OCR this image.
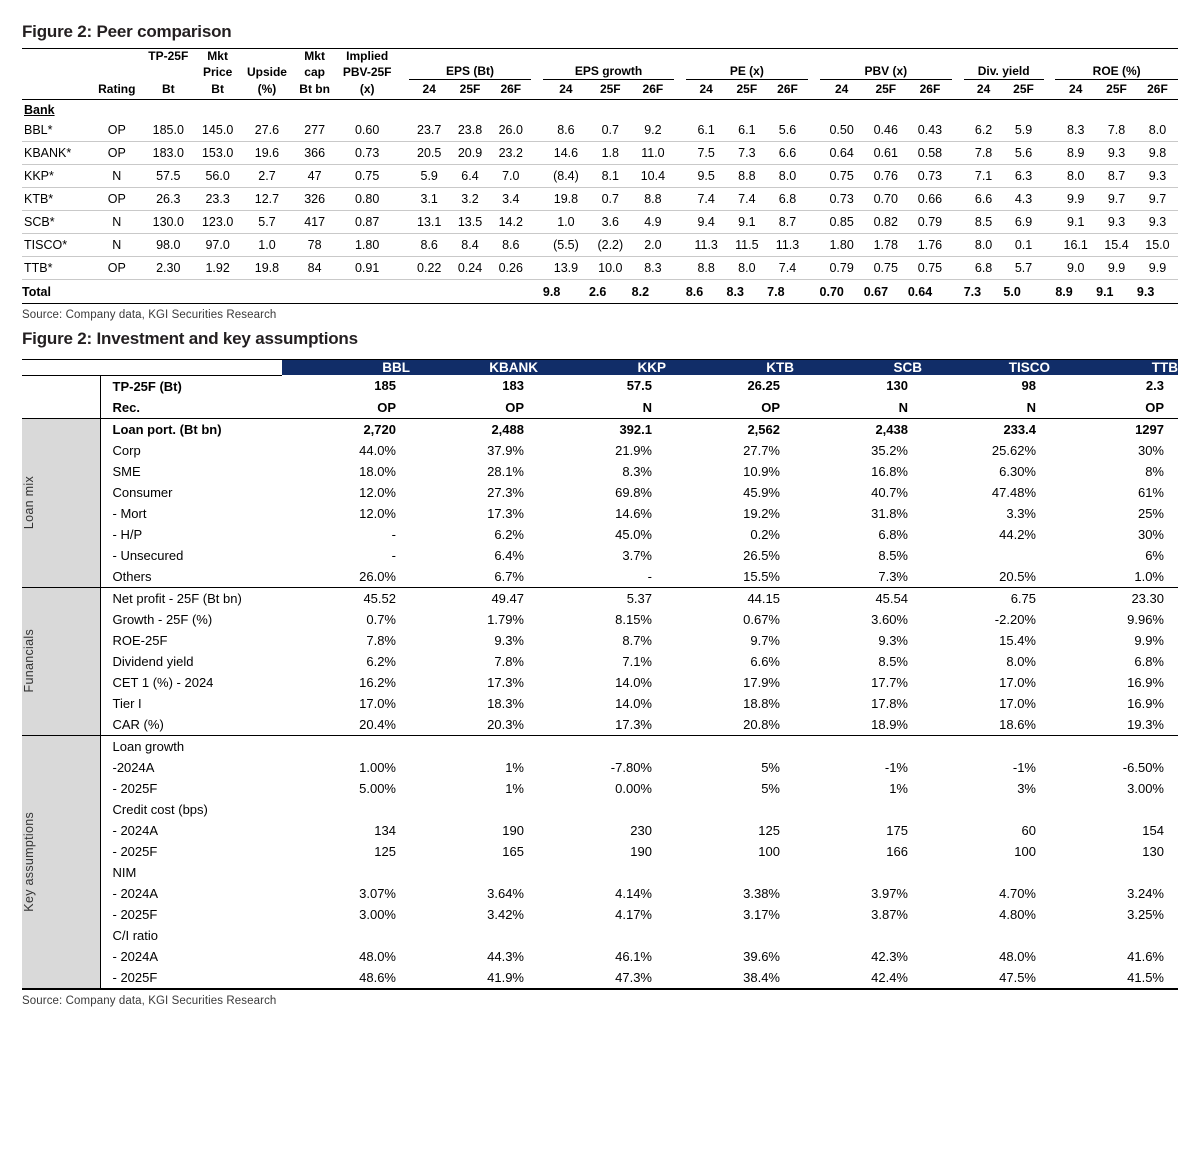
Figure 2: Peer comparison
		TP-25F	Mkt		Mkt	Implied																							
			Price	Upside	cap	PBV-25F		EPS (Bt)				EPS growth				PE (x)				PBV (x)				Div. yield			ROE (%)		
	Rating	Bt	Bt	(%)	Bt bn	(x)		24	25F	26F		24	25F	26F		24	25F	26F		24	25F	26F		24	25F		24	25F	26F
Bank																													
BBL*	OP	185.0	145.0	27.6	277	0.60		23.7	23.8	26.0		8.6	0.7	9.2		6.1	6.1	5.6		0.50	0.46	0.43		6.2	5.9		8.3	7.8	8.0
KBANK*	OP	183.0	153.0	19.6	366	0.73		20.5	20.9	23.2		14.6	1.8	11.0		7.5	7.3	6.6		0.64	0.61	0.58		7.8	5.6		8.9	9.3	9.8
KKP*	N	57.5	56.0	2.7	47	0.75		5.9	6.4	7.0		(8.4)	8.1	10.4		9.5	8.8	8.0		0.75	0.76	0.73		7.1	6.3		8.0	8.7	9.3
KTB*	OP	26.3	23.3	12.7	326	0.80		3.1	3.2	3.4		19.8	0.7	8.8		7.4	7.4	6.8		0.73	0.70	0.66		6.6	4.3		9.9	9.7	9.7
SCB*	N	130.0	123.0	5.7	417	0.87		13.1	13.5	14.2		1.0	3.6	4.9		9.4	9.1	8.7		0.85	0.82	0.79		8.5	6.9		9.1	9.3	9.3
TISCO*	N	98.0	97.0	1.0	78	1.80		8.6	8.4	8.6		(5.5)	(2.2)	2.0		11.3	11.5	11.3		1.80	1.78	1.76		8.0	0.1		16.1	15.4	15.0
TTB*	OP	2.30	1.92	19.8	84	0.91		0.22	0.24	0.26		13.9	10.0	8.3		8.8	8.0	7.4		0.79	0.75	0.75		6.8	5.7		9.0	9.9	9.9
Total												9.8	2.6	8.2		8.6	8.3	7.8		0.70	0.67	0.64		7.3	5.0		8.9	9.1	9.3
Source: Company data, KGI Securities Research
Figure 2: Investment and key assumptions
		BBL	KBANK	KKP	KTB	SCB	TISCO	TTB
	TP-25F (Bt)	185	183	57.5	26.25	130	98	2.3
	Rec.	OP	OP	N	OP	N	N	OP

Loan mix	Loan port. (Bt bn)	2,720	2,488	392.1	2,562	2,438	233.4	1297
	Corp	44.0%	37.9%	21.9%	27.7%	35.2%	25.62%	30%
	SME	18.0%	28.1%	8.3%	10.9%	16.8%	6.30%	8%
	Consumer	12.0%	27.3%	69.8%	45.9%	40.7%	47.48%	61%
	- Mort	12.0%	17.3%	14.6%	19.2%	31.8%	3.3%	25%
	- H/P	-	6.2%	45.0%	0.2%	6.8%	44.2%	30%
	- Unsecured	-	6.4%	3.7%	26.5%	8.5%		6%
	Others	26.0%	6.7%	-	15.5%	7.3%	20.5%	1.0%

Funancials	Net profit - 25F (Bt bn)	45.52	49.47	5.37	44.15	45.54	6.75	23.30
	Growth - 25F (%)	0.7%	1.79%	8.15%	0.67%	3.60%	-2.20%	9.96%
	ROE-25F	7.8%	9.3%	8.7%	9.7%	9.3%	15.4%	9.9%
	Dividend yield	6.2%	7.8%	7.1%	6.6%	8.5%	8.0%	6.8%
	CET 1 (%) - 2024	16.2%	17.3%	14.0%	17.9%	17.7%	17.0%	16.9%
	Tier I	17.0%	18.3%	14.0%	18.8%	17.8%	17.0%	16.9%
	CAR (%)	20.4%	20.3%	17.3%	20.8%	18.9%	18.6%	19.3%

Key assumptions	Loan growth							
	-2024A	1.00%	1%	-7.80%	5%	-1%	-1%	-6.50%
	- 2025F	5.00%	1%	0.00%	5%	1%	3%	3.00%
	Credit cost (bps)							
	- 2024A	134	190	230	125	175	60	154
	- 2025F	125	165	190	100	166	100	130
	NIM							
	- 2024A	3.07%	3.64%	4.14%	3.38%	3.97%	4.70%	3.24%
	- 2025F	3.00%	3.42%	4.17%	3.17%	3.87%	4.80%	3.25%
	C/I ratio							
	- 2024A	48.0%	44.3%	46.1%	39.6%	42.3%	48.0%	41.6%
	- 2025F	48.6%	41.9%	47.3%	38.4%	42.4%	47.5%	41.5%
Source: Company data, KGI Securities Research
